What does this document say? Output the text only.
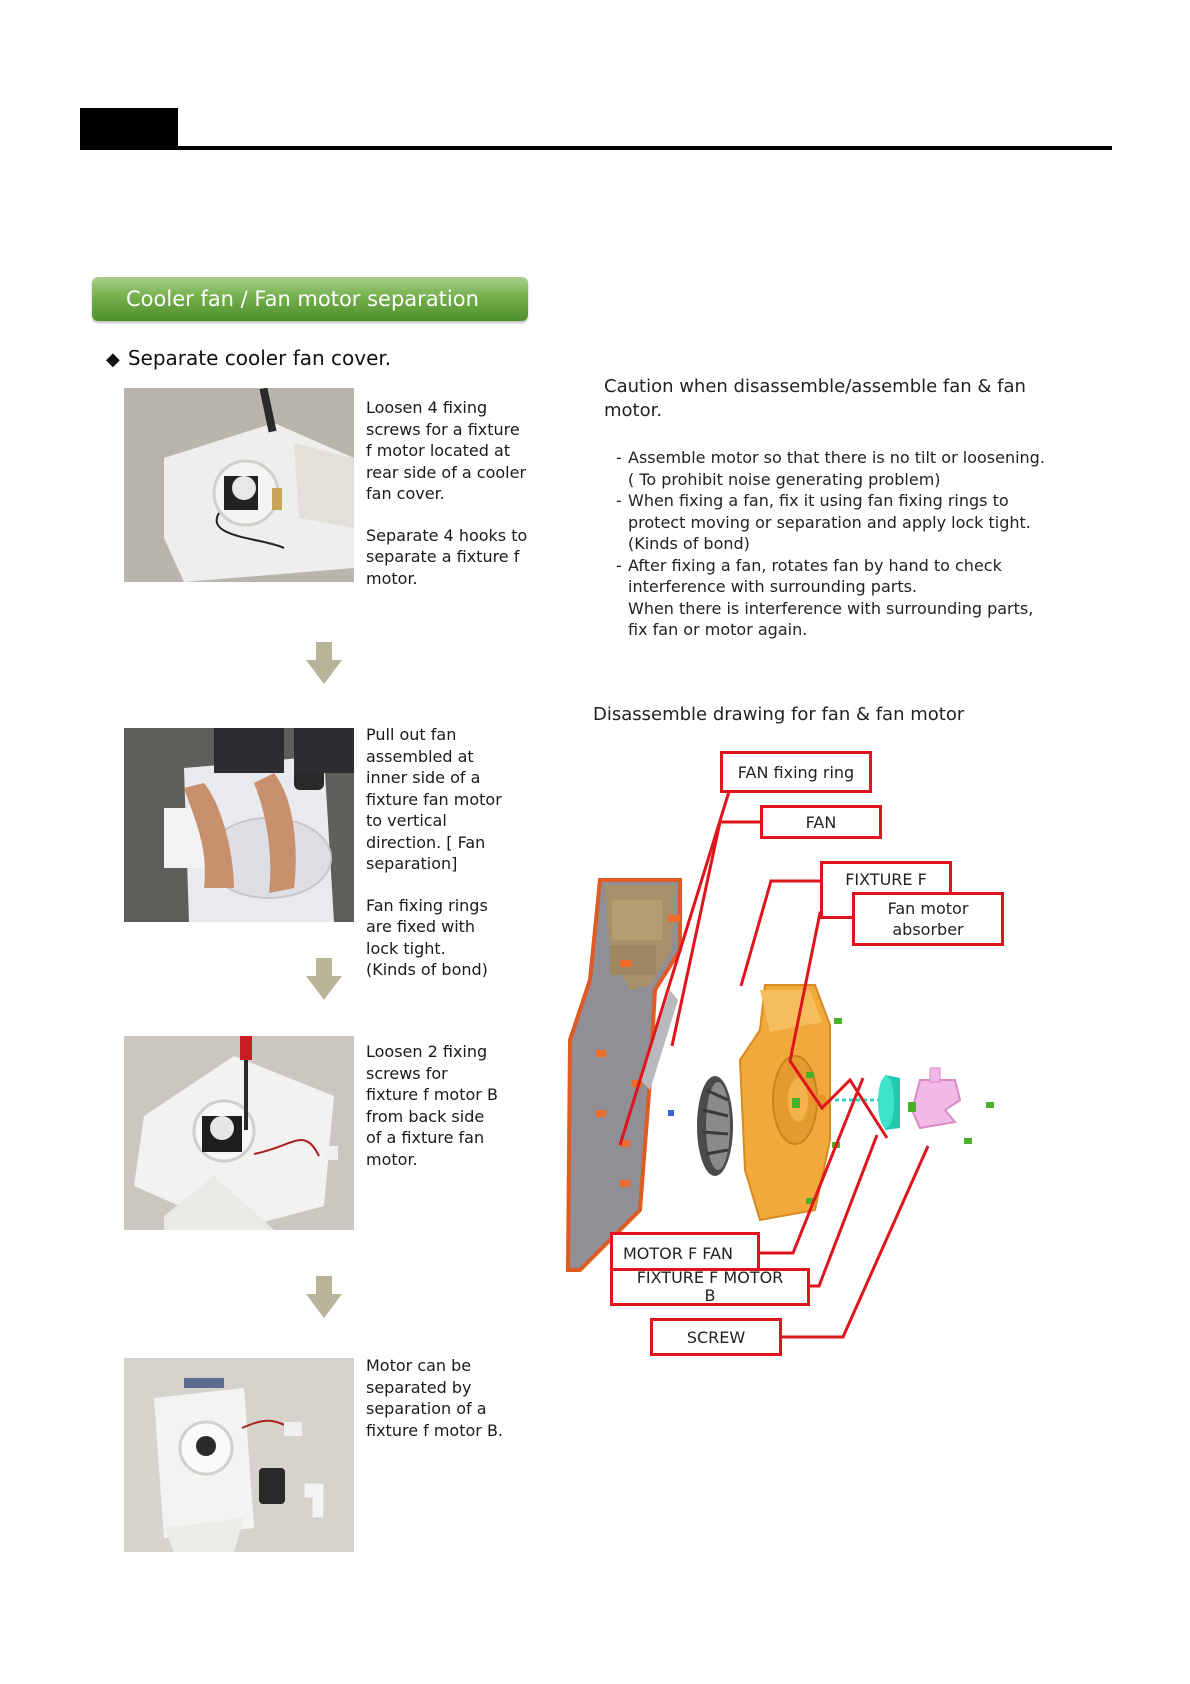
Cooler fan / Fan motor separation
◆ Separate cooler fan cover.

Loosen 4 fixing
screws for a fixture
f motor located at
rear side of a cooler
fan cover.

Separate 4 hooks to
separate a fixture f
motor.

Pull out fan
assembled at
inner side of a
fixture fan motor
to vertical
direction. [ Fan
separation]

Fan fixing rings
are fixed with
lock tight.
(Kinds of bond)

Loosen 2 fixing
screws for
fixture f motor B
from back side
of a fixture fan
motor.

Motor can be
separated by
separation of a
fixture f motor B.

Caution when disassemble/assemble fan & fan
motor.
- Assemble motor so that there is no tilt or loosening.
( To prohibit noise generating problem)
- When fixing a fan, fix it using fan fixing rings to
protect moving or separation and apply lock tight.
(Kinds of bond)
- After fixing a fan, rotates fan by hand to check
interference with surrounding parts.
When there is interference with surrounding parts,
fix fan or motor again.
Disassemble drawing for fan & fan motor
FAN fixing ring
FAN
FIXTURE F

Fan motor
absorber
MOTOR F FAN
FIXTURE F MOTOR
B
SCREW
